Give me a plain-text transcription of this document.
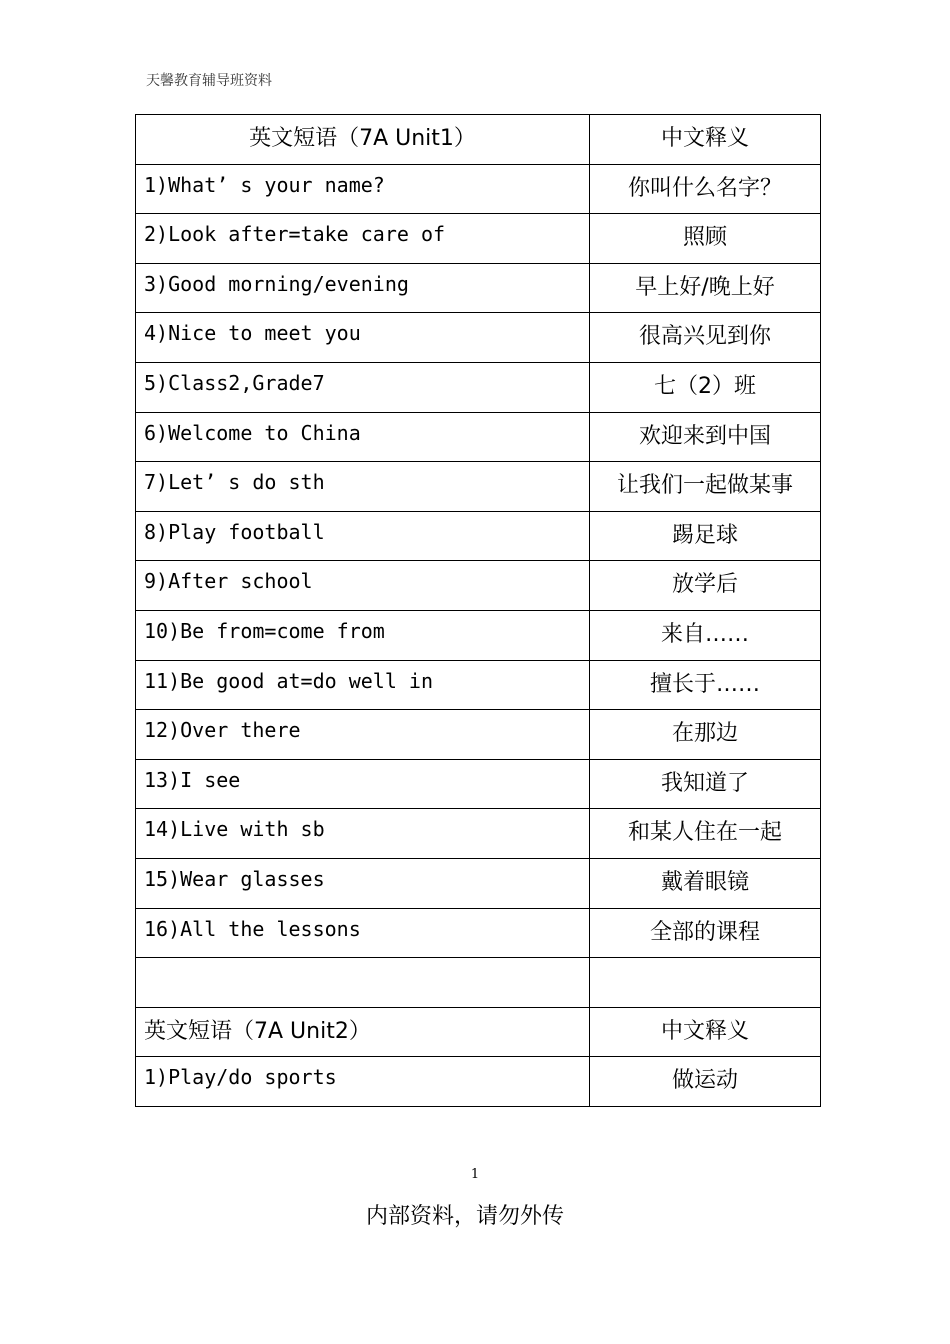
天馨教育辅导班资料
英文短语（7A Unit1）	中文释义
1)What’ s your name?	你叫什么名字？
2)Look after=take care of	照顾
3)Good morning/evening	早上好/晚上好
4)Nice to meet you	很高兴见到你
5)Class2,Grade7	七（2）班
6)Welcome to China	欢迎来到中国
7)Let’ s do sth	让我们一起做某事
8)Play football	踢足球
9)After school	放学后
10)Be from=come from	来自……
11)Be good at=do well in	擅长于……
12)Over there	在那边
13)I see	我知道了
14)Live with sb	和某人住在一起
15)Wear glasses	戴着眼镜
16)All the lessons	全部的课程

英文短语（7A Unit2）	中文释义
1)Play/do sports	做运动
1
内部资料，请勿外传
